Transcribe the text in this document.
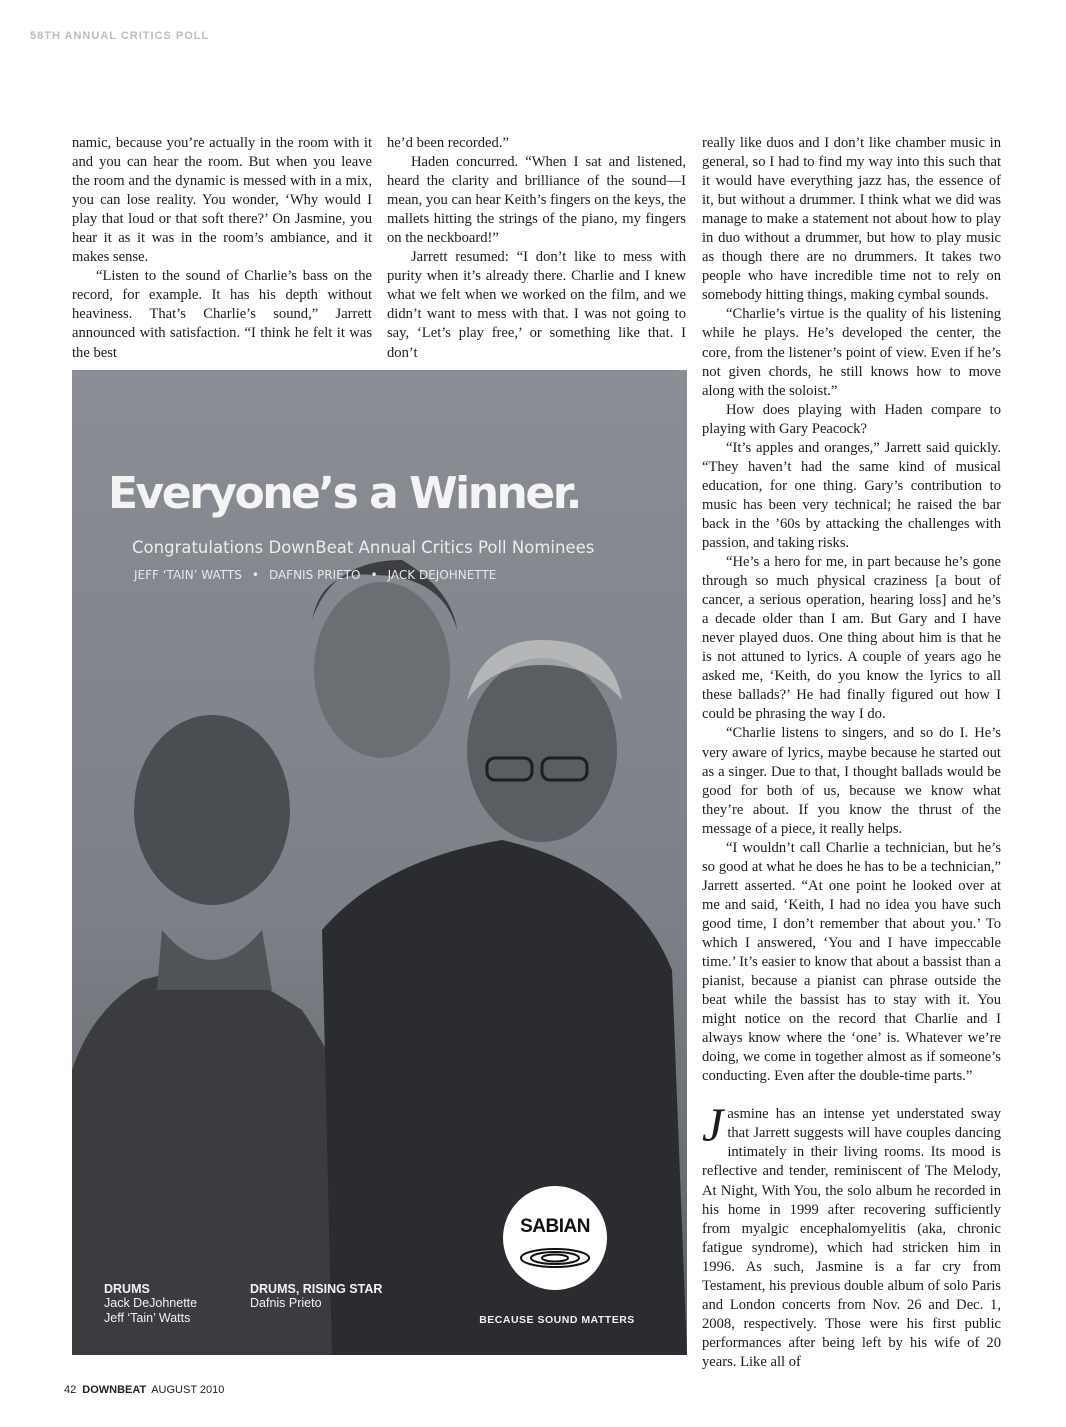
58TH ANNUAL CRITICS POLL

namic, because you’re actually in the room with it and you can hear the room. But when you leave the room and the dynamic is messed with in a mix, you can lose reality. You wonder, ‘Why would I play that loud or that soft there?’ On Jasmine, you hear it as it was in the room’s ambiance, and it makes sense.

“Listen to the sound of Charlie’s bass on the record, for example. It has his depth without heaviness. That’s Charlie’s sound,” Jarrett announced with satisfaction. “I think he felt it was the best

he’d been recorded.”

Haden concurred. “When I sat and listened, heard the clarity and brilliance of the sound—I mean, you can hear Keith’s fingers on the keys, the mallets hitting the strings of the piano, my fingers on the neckboard!”

Jarrett resumed: “I don’t like to mess with purity when it’s already there. Charlie and I knew what we felt when we worked on the film, and we didn’t want to mess with that. I was not going to say, ‘Let’s play free,’ or something like that. I don’t

really like duos and I don’t like chamber music in general, so I had to find my way into this such that it would have everything jazz has, the essence of it, but without a drummer. I think what we did was manage to make a statement not about how to play in duo without a drummer, but how to play music as though there are no drummers. It takes two people who have incredible time not to rely on somebody hitting things, making cymbal sounds.

“Charlie’s virtue is the quality of his listening while he plays. He’s developed the center, the core, from the listener’s point of view. Even if he’s not given chords, he still knows how to move along with the soloist.”

How does playing with Haden compare to playing with Gary Peacock?

“It’s apples and oranges,” Jarrett said quickly. “They haven’t had the same kind of musical education, for one thing. Gary’s contribution to music has been very technical; he raised the bar back in the ’60s by attacking the challenges with passion, and taking risks.

“He’s a hero for me, in part because he’s gone through so much physical craziness [a bout of cancer, a serious operation, hearing loss] and he’s a decade older than I am. But Gary and I have never played duos. One thing about him is that he is not attuned to lyrics. A couple of years ago he asked me, ‘Keith, do you know the lyrics to all these ballads?’ He had finally figured out how I could be phrasing the way I do.

“Charlie listens to singers, and so do I. He’s very aware of lyrics, maybe because he started out as a singer. Due to that, I thought ballads would be good for both of us, because we know what they’re about. If you know the thrust of the message of a piece, it really helps.

“I wouldn’t call Charlie a technician, but he’s so good at what he does he has to be a technician,” Jarrett asserted. “At one point he looked over at me and said, ‘Keith, I had no idea you have such good time, I don’t remember that about you.’ To which I answered, ‘You and I have impeccable time.’ It’s easier to know that about a bassist than a pianist, because a pianist can phrase outside the beat while the bassist has to stay with it. You might notice on the record that Charlie and I always know where the ‘one’ is. Whatever we’re doing, we come in together almost as if someone’s conducting. Even after the double-time parts.”

Jasmine has an intense yet understated sway that Jarrett suggests will have couples dancing intimately in their living rooms. Its mood is reflective and tender, reminiscent of The Melody, At Night, With You, the solo album he recorded in his home in 1999 after recovering sufficiently from myalgic encephalomyelitis (aka, chronic fatigue syndrome), which had stricken him in 1996. As such, Jasmine is a far cry from Testament, his previous double album of solo Paris and London concerts from Nov. 26 and Dec. 1, 2008, respectively. Those were his first public performances after being left by his wife of 20 years. Like all of

Everyone’s a Winner.
Congratulations DownBeat Annual Critics Poll Nominees
JEFF ‘TAIN’ WATTS • DAFNIS PRIETO • JACK DEJOHNETTE
DRUMS
Jack DeJohnette
Jeff ‘Tain’ Watts
DRUMS, RISING STAR
Dafnis Prieto
SABIAN
BECAUSE SOUND MATTERS
42 DOWNBEAT AUGUST 2010
